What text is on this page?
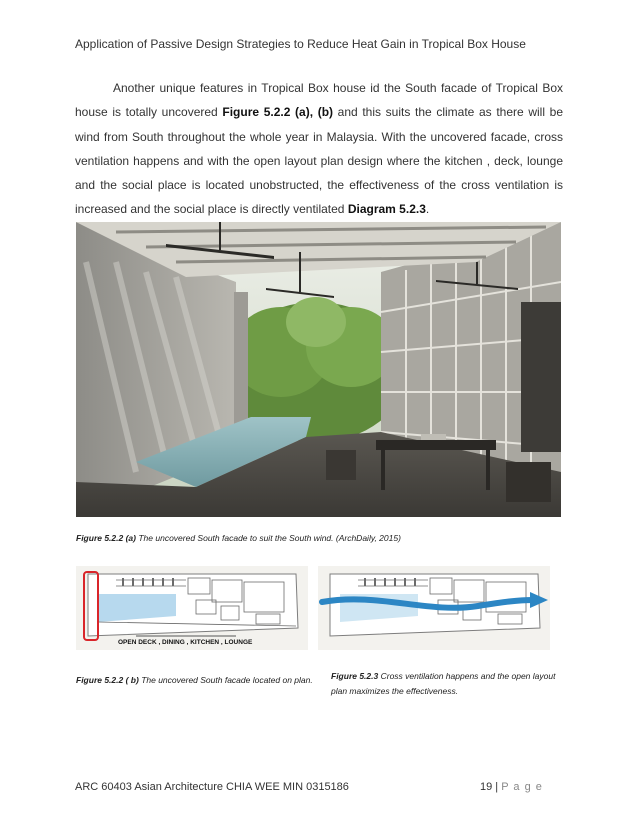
Application of Passive Design Strategies to Reduce Heat Gain in Tropical Box House
Another unique features in Tropical Box house id the South facade of Tropical Box house is totally uncovered Figure 5.2.2 (a), (b) and this suits the climate as there will be wind from South throughout the whole year in Malaysia. With the uncovered facade, cross ventilation happens and with the open layout plan design where the kitchen , deck, lounge and the social place is located unobstructed, the effectiveness of the cross ventilation is increased and the social place is directly ventilated Diagram 5.2.3.
Figure 5.2.2 (a) The uncovered South facade to suit the South wind. (ArchDaily, 2015)
OPEN DECK , DINING , KITCHEN , LOUNGE
Figure 5.2.2 ( b) The uncovered South facade located on plan. Figure 5.2.3 Cross ventilation happens and the open layout plan maximizes the effectiveness.
ARC 60403 Asian Architecture CHIA WEE MIN 0315186	19 | P a g e
